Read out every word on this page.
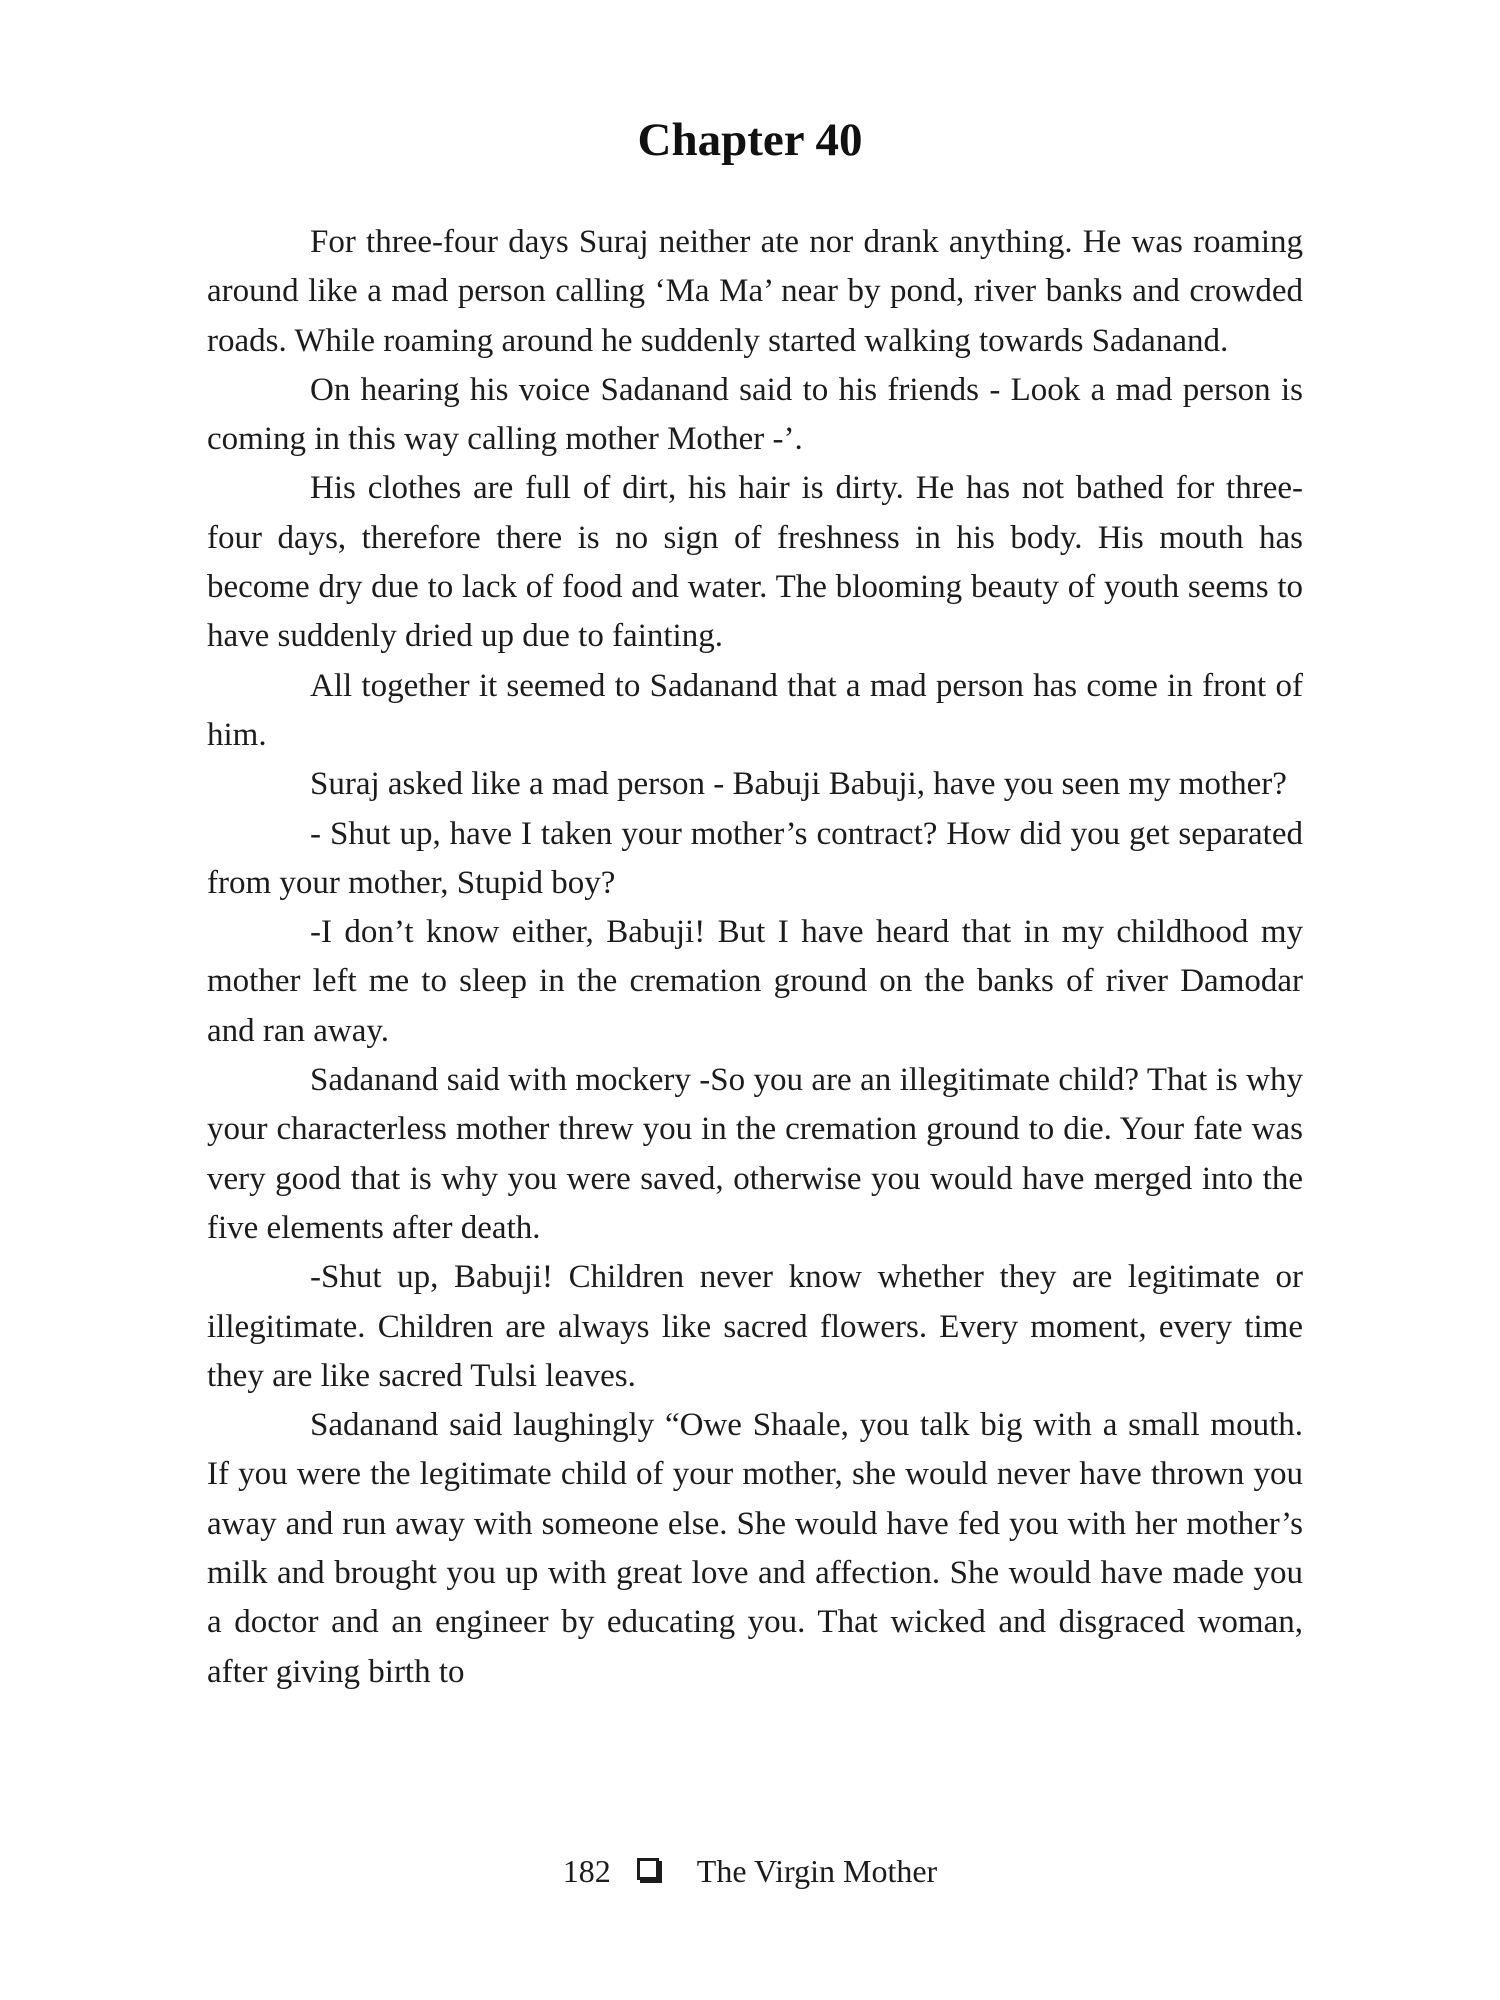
Chapter 40

For three-four days Suraj neither ate nor drank anything. He was roaming around like a mad person calling ‘Ma Ma’ near by pond, river banks and crowded roads. While roaming around he suddenly started walking towards Sadanand.

On hearing his voice Sadanand said to his friends - Look a mad person is coming in this way calling mother Mother -’.

His clothes are full of dirt, his hair is dirty. He has not bathed for three-four days, therefore there is no sign of freshness in his body. His mouth has become dry due to lack of food and water. The blooming beauty of youth seems to have suddenly dried up due to fainting.

All together it seemed to Sadanand that a mad person has come in front of him.

Suraj asked like a mad person - Babuji Babuji, have you seen my mother?

- Shut up, have I taken your mother’s contract? How did you get separated from your mother, Stupid boy?

-I don’t know either, Babuji! But I have heard that in my childhood my mother left me to sleep in the cremation ground on the banks of river Damodar and ran away.

Sadanand said with mockery -So you are an illegitimate child? That is why your characterless mother threw you in the cremation ground to die. Your fate was very good that is why you were saved, otherwise you would have merged into the five elements after death.

-Shut up, Babuji! Children never know whether they are legitimate or illegitimate. Children are always like sacred flowers. Every moment, every time they are like sacred Tulsi leaves.

Sadanand said laughingly “Owe Shaale, you talk big with a small mouth. If you were the legitimate child of your mother, she would never have thrown you away and run away with someone else. She would have fed you with her mother’s milk and brought you up with great love and affection. She would have made you a doctor and an engineer by educating you. That wicked and disgraced woman, after giving birth to

182	The Virgin Mother
